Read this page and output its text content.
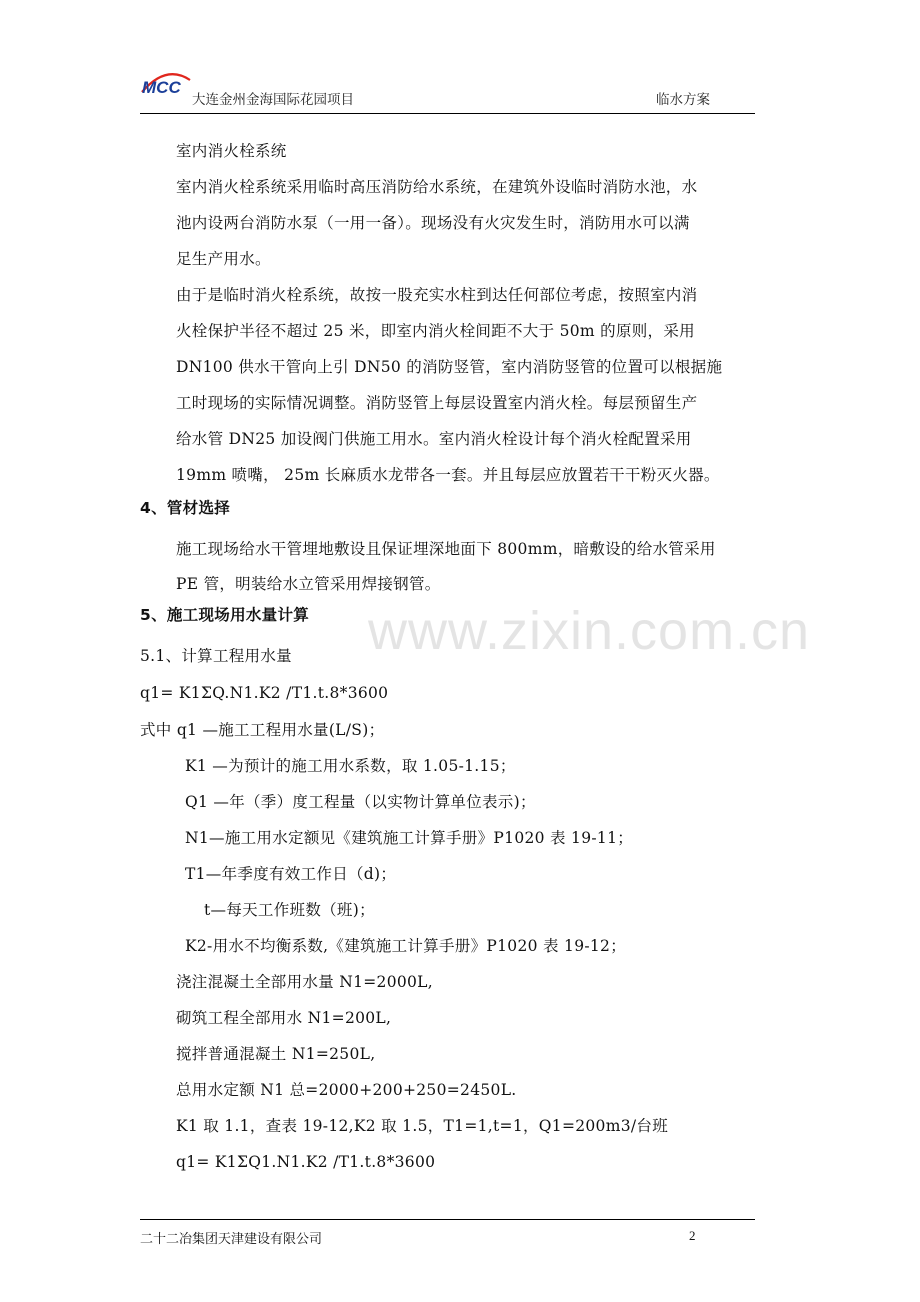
MCC
大连金州金海国际花园项目	临水方案
www.zixin.com.cn
室内消火栓系统
室内消火栓系统采用临时高压消防给水系统，在建筑外设临时消防水池，水
池内设两台消防水泵（一用一备）。现场没有火灾发生时，消防用水可以满
足生产用水。
由于是临时消火栓系统，故按一股充实水柱到达任何部位考虑，按照室内消
火栓保护半径不超过 25 米，即室内消火栓间距不大于 50m 的原则，采用
DN100 供水干管向上引 DN50 的消防竖管，室内消防竖管的位置可以根据施
工时现场的实际情况调整。消防竖管上每层设置室内消火栓。每层预留生产
给水管 DN25 加设阀门供施工用水。室内消火栓设计每个消火栓配置采用
19mm 喷嘴， 25m 长麻质水龙带各一套。并且每层应放置若干干粉灭火器。
4、管材选择
施工现场给水干管埋地敷设且保证埋深地面下 800mm，暗敷设的给水管采用
PE 管，明装给水立管采用焊接钢管。
5、施工现场用水量计算
5.1、计算工程用水量
q1= K1ΣQ.N1.K2 /T1.t.8*3600
式中 q1 —施工工程用水量(L/S)；
K1 —为预计的施工用水系数，取 1.05-1.15；
Q1 —年（季）度工程量（以实物计算单位表示)；
N1—施工用水定额见《建筑施工计算手册》P1020 表 19-11；
T1—年季度有效工作日（d)；
t—每天工作班数（班)；
K2-用水不均衡系数,《建筑施工计算手册》P1020 表 19-12；
浇注混凝土全部用水量 N1=2000L,
砌筑工程全部用水 N1=200L,
搅拌普通混凝土 N1=250L,
总用水定额 N1 总=2000+200+250=2450L.
K1 取 1.1，查表 19-12,K2 取 1.5，T1=1,t=1，Q1=200m3/台班
q1= K1ΣQ1.N1.K2 /T1.t.8*3600
二十二冶集团天津建设有限公司	2
